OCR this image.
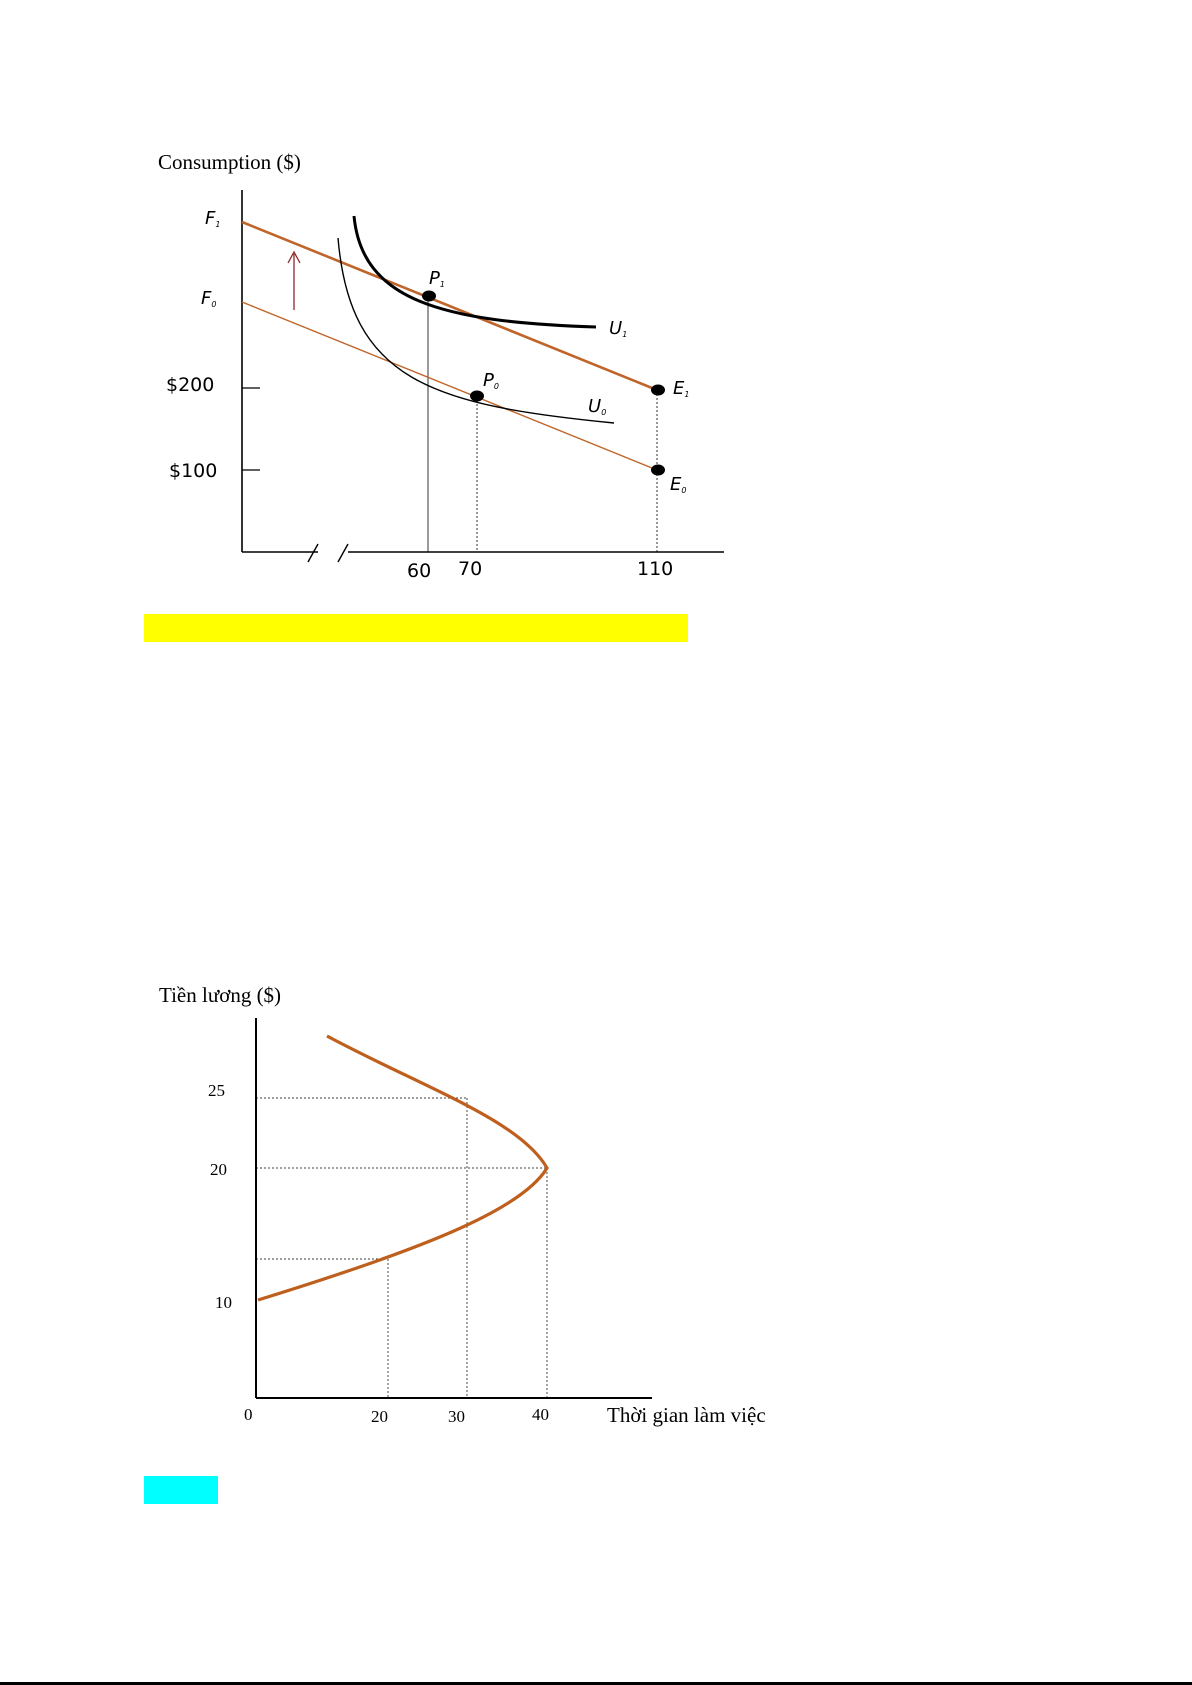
Consumption ($)
F1
F0
P1
P0
U1
U0
E1
E0
$200
$100
60 70	110
Tiền lương ($)
25
20
10
0	20	30	40	Thời gian làm việc
